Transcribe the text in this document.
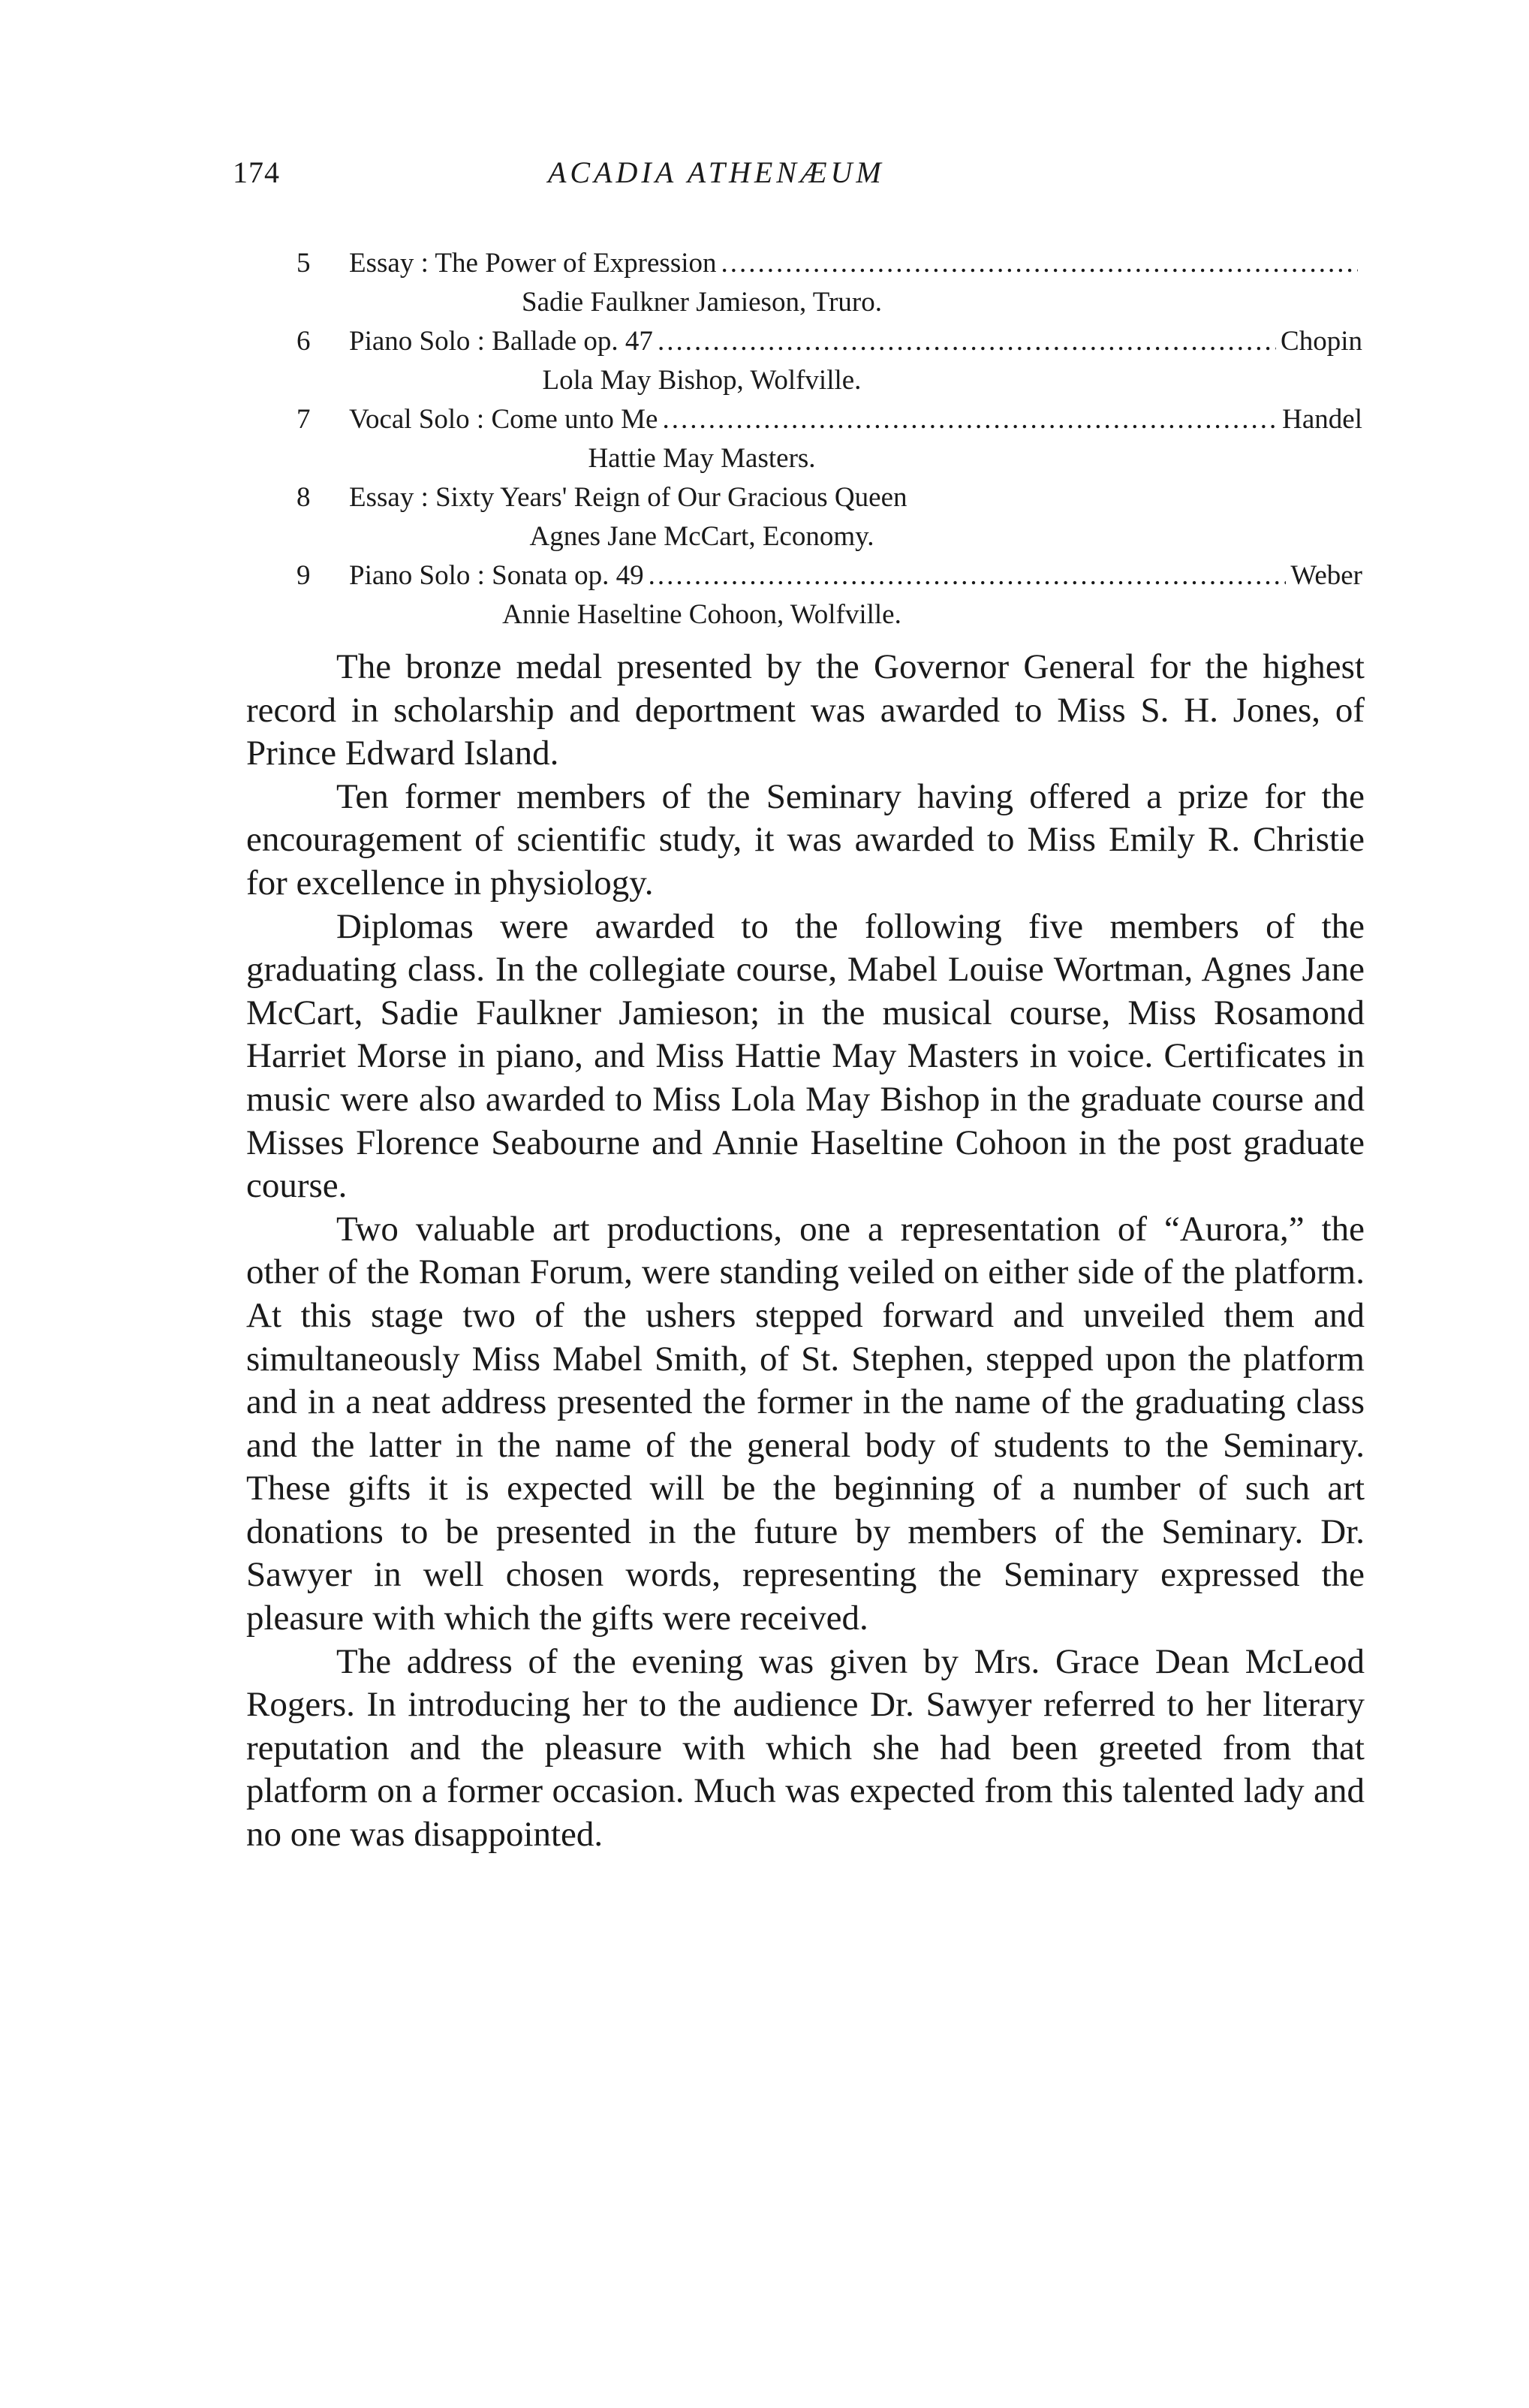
174	ACADIA ATHENÆUM
5	Essay : The Power of Expression
.....
Sadie Faulkner Jamieson, Truro.
6	Piano Solo : Ballade op. 47 .....	Chopin
Lola May Bishop, Wolfville.
7	Vocal Solo : Come unto Me .....	Handel
Hattie May Masters.
8	Essay : Sixty Years' Reign of Our Gracious Queen
Agnes Jane McCart, Economy.
9	Piano Solo : Sonata op. 49 .....	Weber
Annie Haseltine Cohoon, Wolfville.

The bronze medal presented by the Governor General for the highest record in scholarship and deportment was awarded to Miss S. H. Jones, of Prince Edward Island.

Ten former members of the Seminary having offered a prize for the encouragement of scientific study, it was awarded to Miss Emily R. Christie for excellence in physiology.

Diplomas were awarded to the following five members of the graduating class. In the collegiate course, Mabel Louise Wortman, Agnes Jane McCart, Sadie Faulkner Jamieson; in the musical course, Miss Rosamond Harriet Morse in piano, and Miss Hattie May Masters in voice. Certificates in music were also awarded to Miss Lola May Bishop in the graduate course and Misses Florence Seabourne and Annie Haseltine Cohoon in the post graduate course.

Two valuable art productions, one a representation of “Aurora,” the other of the Roman Forum, were standing veiled on either side of the platform. At this stage two of the ushers stepped forward and unveiled them and simultaneously Miss Mabel Smith, of St. Stephen, stepped upon the platform and in a neat address presented the former in the name of the graduating class and the latter in the name of the general body of students to the Seminary. These gifts it is expected will be the beginning of a number of such art donations to be presented in the future by members of the Seminary. Dr. Sawyer in well chosen words, representing the Seminary expressed the pleasure with which the gifts were received.

The address of the evening was given by Mrs. Grace Dean McLeod Rogers. In introducing her to the audience Dr. Sawyer referred to her literary reputation and the pleasure with which she had been greeted from that platform on a former occasion. Much was expected from this talented lady and no one was disappointed.
